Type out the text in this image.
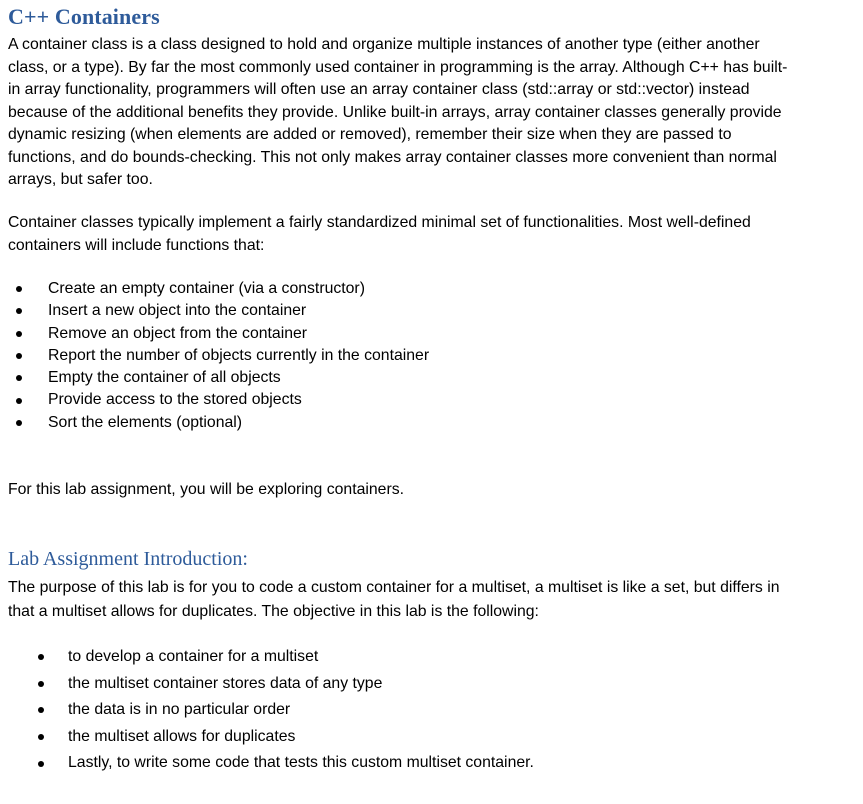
C++ Containers

A container class is a class designed to hold and organize multiple instances of another type (either another
class, or a type). By far the most commonly used container in programming is the array. Although C++ has built-
in array functionality, programmers will often use an array container class (std::array or std::vector) instead
because of the additional benefits they provide. Unlike built-in arrays, array container classes generally provide
dynamic resizing (when elements are added or removed), remember their size when they are passed to
functions, and do bounds-checking. This not only makes array container classes more convenient than normal
arrays, but safer too.

Container classes typically implement a fairly standardized minimal set of functionalities. Most well-defined
containers will include functions that:

Create an empty container (via a constructor)
Insert a new object into the container
Remove an object from the container
Report the number of objects currently in the container
Empty the container of all objects
Provide access to the stored objects
Sort the elements (optional)

For this lab assignment, you will be exploring containers.

Lab Assignment Introduction:

The purpose of this lab is for you to code a custom container for a multiset, a multiset is like a set, but differs in
that a multiset allows for duplicates. The objective in this lab is the following:

to develop a container for a multiset
the multiset container stores data of any type
the data is in no particular order
the multiset allows for duplicates
Lastly, to write some code that tests this custom multiset container.
